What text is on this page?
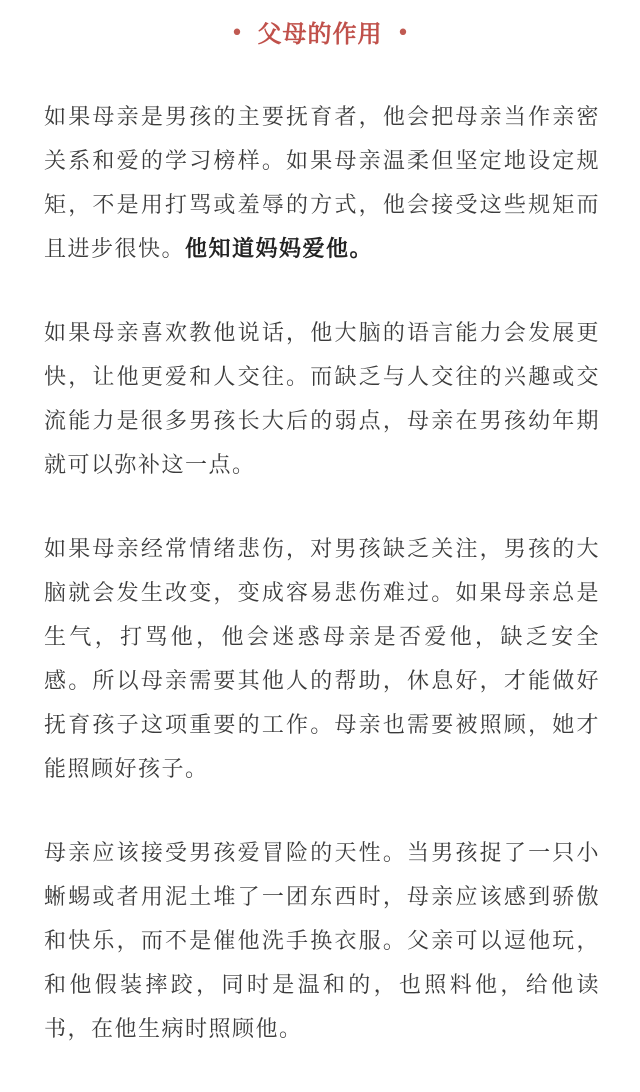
• 父母的作用 •

如果母亲是男孩的主要抚育者，他会把母亲当作亲密关系和爱的学习榜样。如果母亲温柔但坚定地设定规矩，不是用打骂或羞辱的方式，他会接受这些规矩而且进步很快。他知道妈妈爱他。

如果母亲喜欢教他说话，他大脑的语言能力会发展更快，让他更爱和人交往。而缺乏与人交往的兴趣或交流能力是很多男孩长大后的弱点，母亲在男孩幼年期就可以弥补这一点。

如果母亲经常情绪悲伤，对男孩缺乏关注，男孩的大脑就会发生改变，变成容易悲伤难过。如果母亲总是生气，打骂他，他会迷惑母亲是否爱他，缺乏安全感。所以母亲需要其他人的帮助，休息好，才能做好抚育孩子这项重要的工作。母亲也需要被照顾，她才能照顾好孩子。

母亲应该接受男孩爱冒险的天性。当男孩捉了一只小蜥蜴或者用泥土堆了一团东西时，母亲应该感到骄傲和快乐，而不是催他洗手换衣服。父亲可以逗他玩，和他假装摔跤，同时是温和的，也照料他，给他读书，在他生病时照顾他。
